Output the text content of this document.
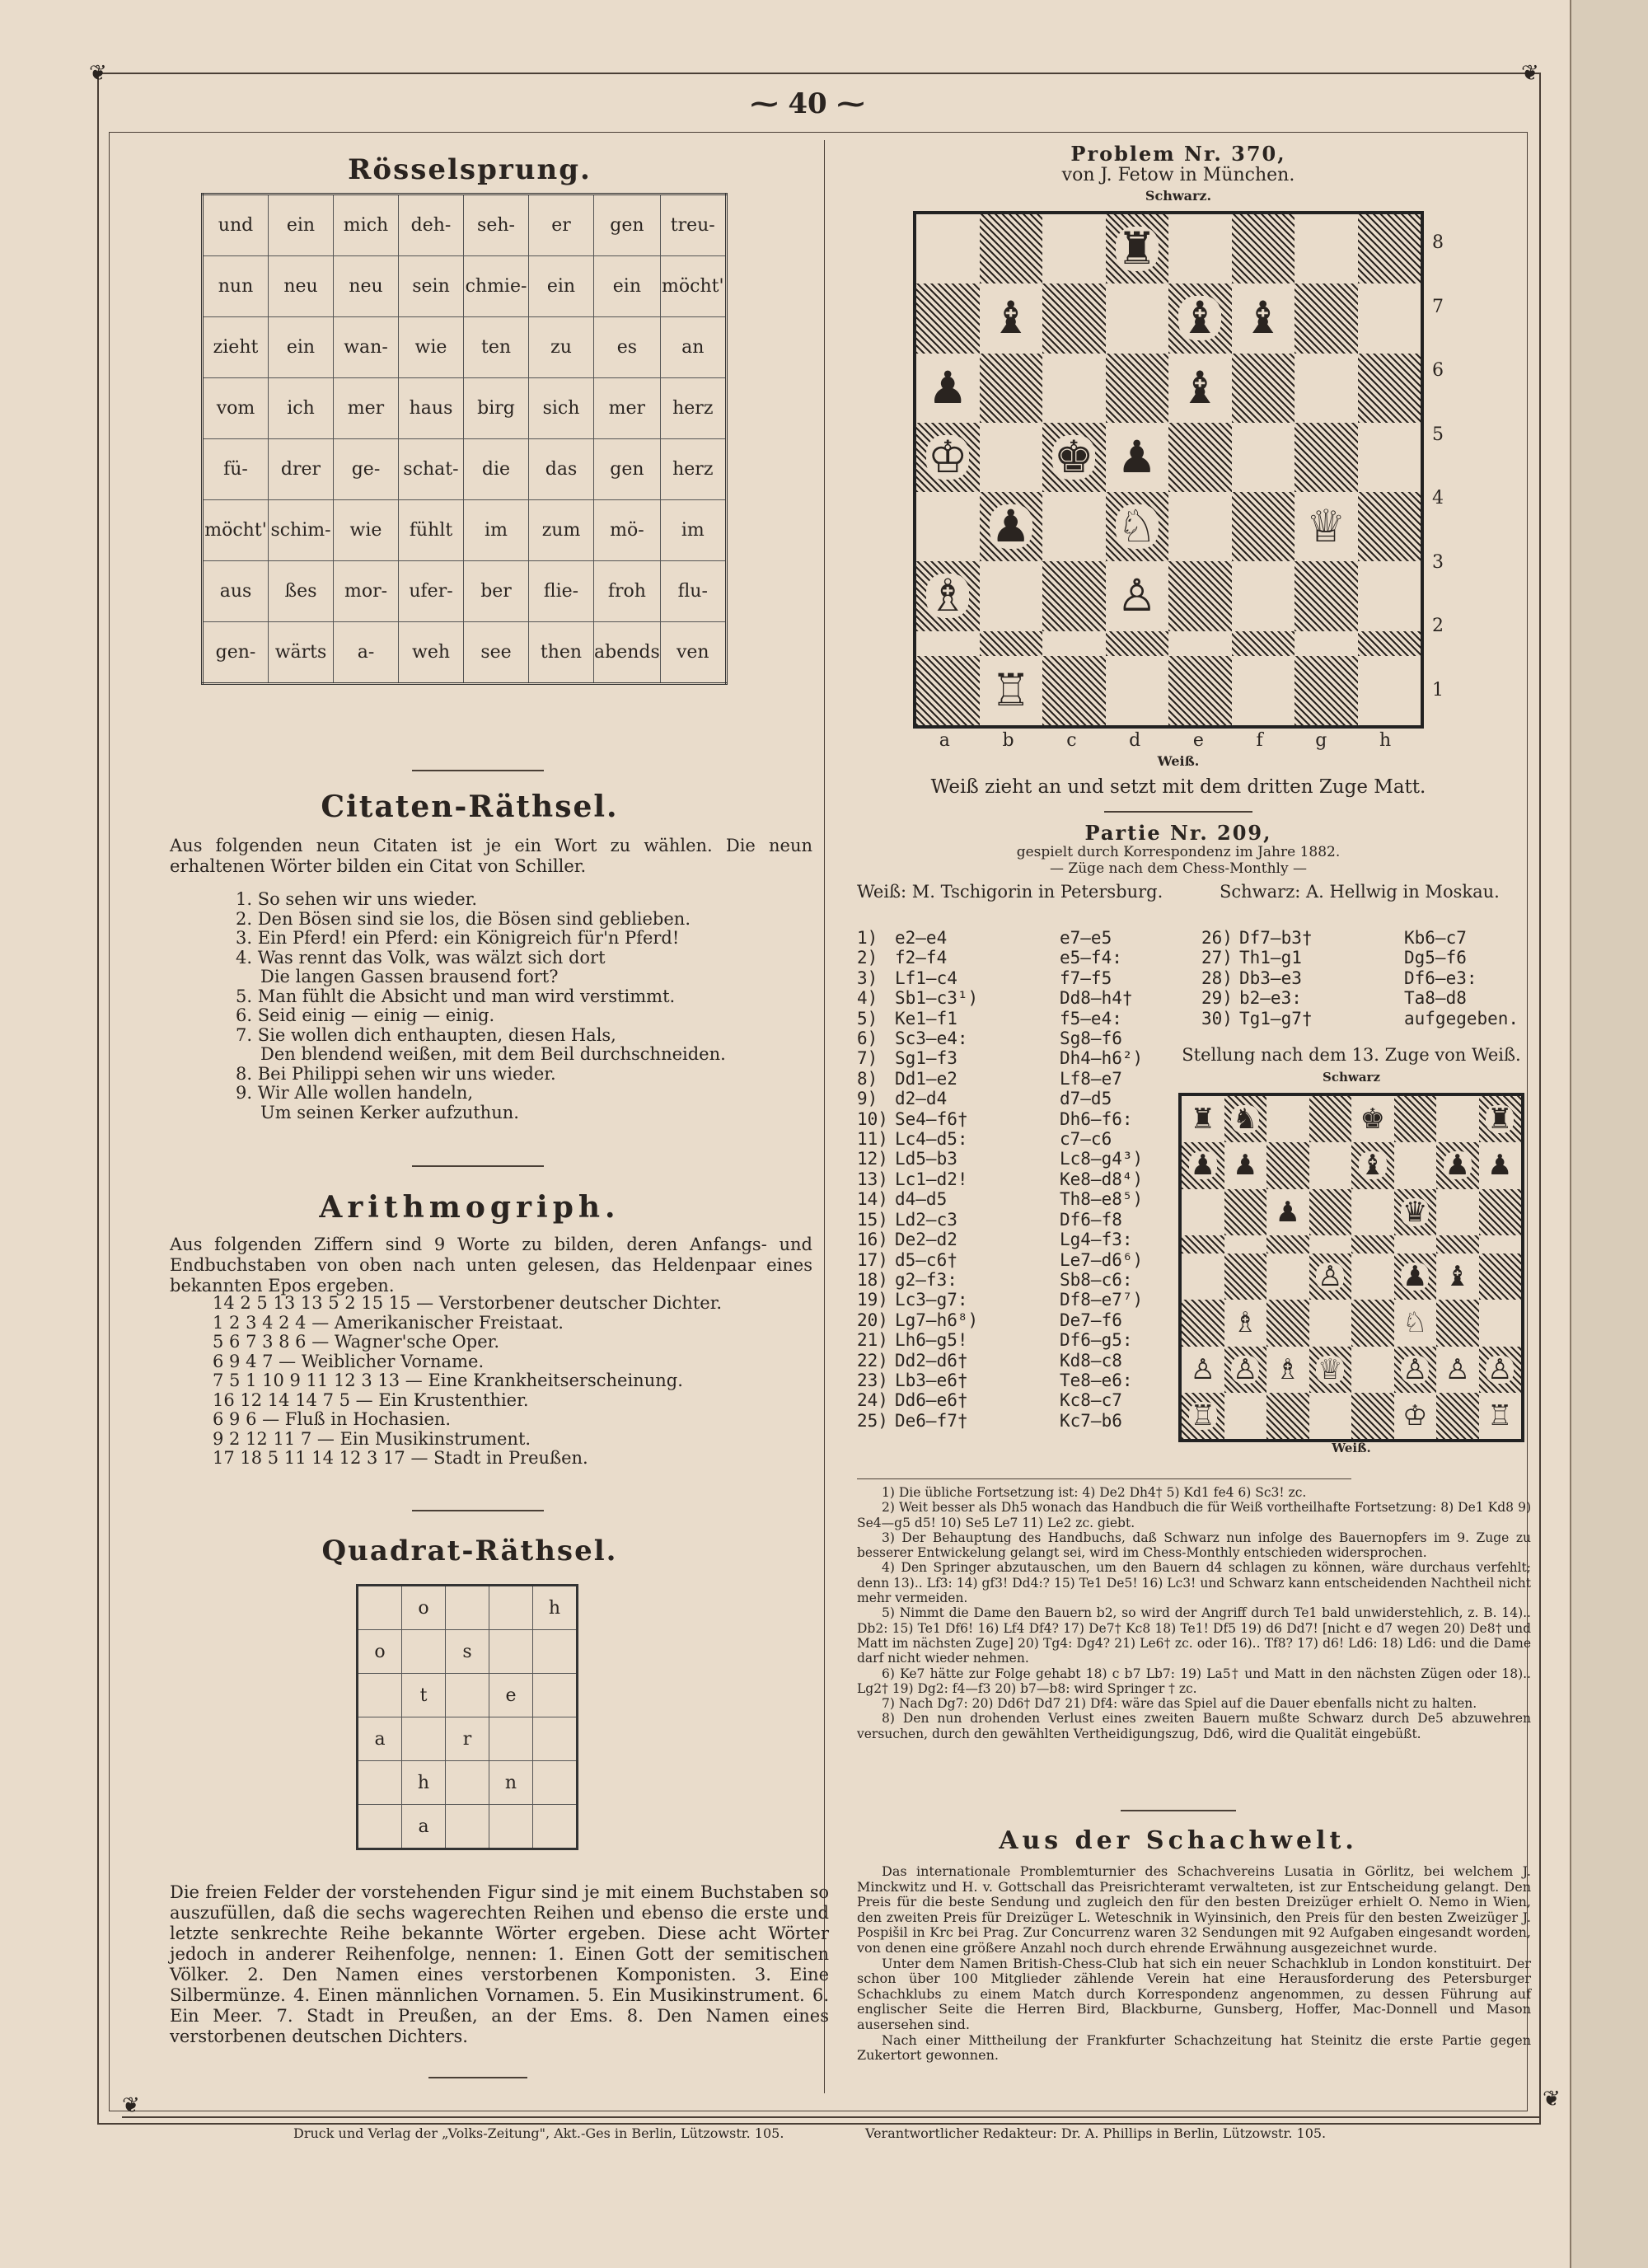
❦	❦
❦	❦
⁓ 40 ⁓
Rösselsprung.
und	ein	mich	deh-	seh-	er	gen	treu-
nun	neu	neu	sein	chmie-	ein	ein	möcht'
zieht	ein	wan-	wie	ten	zu	es	an
vom	ich	mer	haus	birg	sich	mer	herz
fü-	drer	ge-	schat-	die	das	gen	herz
möcht'	schim-	wie	fühlt	im	zum	mö-	im
aus	ßes	mor-	ufer-	ber	flie-	froh	flu-
gen-	wärts	a-	weh	see	then	abends	ven
Citaten-Räthsel.
Aus folgenden neun Citaten ist je ein Wort zu wählen. Die neun erhaltenen Wörter bilden ein Citat von Schiller.
1. So sehen wir uns wieder.
2. Den Bösen sind sie los, die Bösen sind geblieben.
3. Ein Pferd! ein Pferd: ein Königreich für'n Pferd!
4. Was rennt das Volk, was wälzt sich dort
Die langen Gassen brausend fort?
5. Man fühlt die Absicht und man wird verstimmt.
6. Seid einig — einig — einig.
7. Sie wollen dich enthaupten, diesen Hals,
Den blendend weißen, mit dem Beil durchschneiden.
8. Bei Philippi sehen wir uns wieder.
9. Wir Alle wollen handeln,
Um seinen Kerker aufzuthun.
Arithmogriph.
Aus folgenden Ziffern sind 9 Worte zu bilden, deren Anfangs- und Endbuchstaben von oben nach unten gelesen, das Heldenpaar eines bekannten Epos ergeben.
14 2 5 13 13 5 2 15 15 — Verstorbener deutscher Dichter.
1 2 3 4 2 4 — Amerikanischer Freistaat.
5 6 7 3 8 6 — Wagner'sche Oper.
6 9 4 7 — Weiblicher Vorname.
7 5 1 10 9 11 12 3 13 — Eine Krankheitserscheinung.
16 12 14 14 7 5 — Ein Krustenthier.
6 9 6 — Fluß in Hochasien.
9 2 12 11 7 — Ein Musikinstrument.
17 18 5 11 14 12 3 17 — Stadt in Preußen.
Quadrat-Räthsel.
	o			h
o		s		
	t		e	
a		r		
	h		n	
	a			
Die freien Felder der vorstehenden Figur sind je mit einem Buchstaben so auszufüllen, daß die sechs wagerechten Reihen und ebenso die erste und letzte senkrechte Reihe bekannte Wörter ergeben. Diese acht Wörter jedoch in anderer Reihenfolge, nennen: 1. Einen Gott der semitischen Völker. 2. Den Namen eines verstorbenen Komponisten. 3. Eine Silbermünze. 4. Einen männlichen Vornamen. 5. Ein Musikinstrument. 6. Ein Meer. 7. Stadt in Preußen, an der Ems. 8. Den Namen eines verstorbenen deutschen Dichters.
Problem Nr. 370,
von J. Fetow in München.
Schwarz.
♜
♝	♝ ♝
♟	♝
♔ ♚ ♟
♟ ♘	♕
♗	♙
♖
8
7
6
5
4
3
2
1
a	b	c	d	e	f	g	h
Weiß.
Weiß zieht an und setzt mit dem dritten Zuge Matt.
Partie Nr. 209,
gespielt durch Korrespondenz im Jahre 1882.
— Züge nach dem Chess-Monthly —
Weiß: M. Tschigorin in Petersburg.	Schwarz: A. Hellwig in Moskau.
1) e2—e4	e7—e5
2) f2—f4	e5—f4:
3) Lf1—c4	f7—f5
4) Sb1—c3¹)	Dd8—h4†
5) Ke1—f1	f5—e4:
6) Sc3—e4:	Sg8—f6
7) Sg1—f3	Dh4—h6²)
8) Dd1—e2	Lf8—e7
9) d2—d4	d7—d5
10) Se4—f6†	Dh6—f6:
11) Lc4—d5:	c7—c6
12) Ld5—b3	Lc8—g4³)
13) Lc1—d2!	Ke8—d8⁴)
14) d4—d5	Th8—e8⁵)
15) Ld2—c3	Df6—f8
16) De2—d2	Lg4—f3:
17) d5—c6†	Le7—d6⁶)
18) g2—f3:	Sb8—c6:
19) Lc3—g7:	Df8—e7⁷)
20) Lg7—h6⁸)	De7—f6
21) Lh6—g5!	Df6—g5:
22) Dd2—d6†	Kd8—c8
23) Lb3—e6†	Te8—e6:
24) Dd6—e6†	Kc8—c7
25) De6—f7†	Kc7—b6
26) Df7—b3†	Kb6—c7
27) Th1—g1	Dg5—f6
28) Db3—e3	Df6—e3:
29) b2—e3:	Ta8—d8
30) Tg1—g7†	aufgegeben.
Stellung nach dem 13. Zuge von Weiß.
Schwarz
♜ ♞	♚	♜
♟ ♟	♝ ♟ ♟
♟	♛
♙ ♟ ♝
♗	♘
♙ ♙ ♗ ♕ ♙ ♙ ♙
♖	♔ ♖
Weiß.
1) Die übliche Fortsetzung ist: 4) De2 Dh4† 5) Kd1 fe4 6) Sc3! zc.
2) Weit besser als Dh5 wonach das Handbuch die für Weiß vortheilhafte Fortsetzung: 8) De1 Kd8 9) Se4—g5 d5! 10) Se5 Le7 11) Le2 zc. giebt.
3) Der Behauptung des Handbuchs, daß Schwarz nun infolge des Bauernopfers im 9. Zuge zu besserer Entwickelung gelangt sei, wird im Chess-Monthly entschieden widersprochen.
4) Den Springer abzutauschen, um den Bauern d4 schlagen zu können, wäre durchaus verfehlt; denn 13).. Lf3: 14) gf3! Dd4:? 15) Te1 De5! 16) Lc3! und Schwarz kann entscheidenden Nachtheil nicht mehr vermeiden.
5) Nimmt die Dame den Bauern b2, so wird der Angriff durch Te1 bald unwiderstehlich, z. B. 14).. Db2: 15) Te1 Df6! 16) Lf4 Df4? 17) De7† Kc8 18) Te1! Df5 19) d6 Dd7! [nicht e d7 wegen 20) De8† und Matt im nächsten Zuge] 20) Tg4: Dg4? 21) Le6† zc. oder 16).. Tf8? 17) d6! Ld6: 18) Ld6: und die Dame darf nicht wieder nehmen.
6) Ke7 hätte zur Folge gehabt 18) c b7 Lb7: 19) La5† und Matt in den nächsten Zügen oder 18).. Lg2† 19) Dg2: f4—f3 20) b7—b8: wird Springer † zc.
7) Nach Dg7: 20) Dd6† Dd7 21) Df4: wäre das Spiel auf die Dauer ebenfalls nicht zu halten.
8) Den nun drohenden Verlust eines zweiten Bauern mußte Schwarz durch De5 abzuwehren versuchen, durch den gewählten Vertheidigungszug, Dd6, wird die Qualität eingebüßt.
Aus der Schachwelt.
Das internationale Promblemturnier des Schachvereins Lusatia in Görlitz, bei welchem J. Minckwitz und H. v. Gottschall das Preisrichteramt verwalteten, ist zur Entscheidung gelangt. Den Preis für die beste Sendung und zugleich den für den besten Dreizüger erhielt O. Nemo in Wien, den zweiten Preis für Dreizüger L. Weteschnik in Wyinsinich, den Preis für den besten Zweizüger J. Pospišil in Krc bei Prag. Zur Concurrenz waren 32 Sendungen mit 92 Aufgaben eingesandt worden, von denen eine größere Anzahl noch durch ehrende Erwähnung ausgezeichnet wurde.
Unter dem Namen British-Chess-Club hat sich ein neuer Schachklub in London konstituirt. Der schon über 100 Mitglieder zählende Verein hat eine Herausforderung des Petersburger Schachklubs zu einem Match durch Korrespondenz angenommen, zu dessen Führung auf englischer Seite die Herren Bird, Blackburne, Gunsberg, Hoffer, Mac-Donnell und Mason ausersehen sind.
Nach einer Mittheilung der Frankfurter Schachzeitung hat Steinitz die erste Partie gegen Zukertort gewonnen.
Druck und Verlag der „Volks-Zeitung", Akt.-Ges in Berlin, Lützowstr. 105.	Verantwortlicher Redakteur: Dr. A. Phillips in Berlin, Lützowstr. 105.
